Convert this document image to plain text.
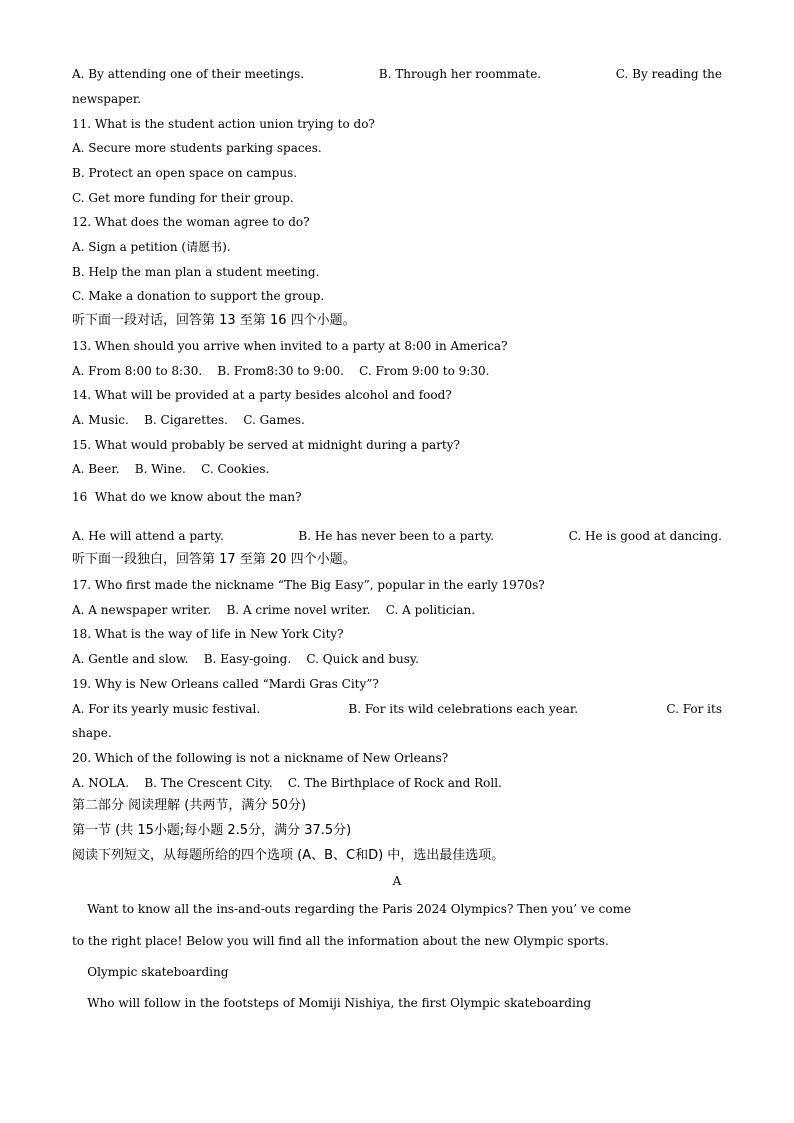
A. By attending one of their meetings.	B. Through her roommate.	C. By reading the
newspaper.
11. What is the student action union trying to do?
A. Secure more students parking spaces.
B. Protect an open space on campus.
C. Get more funding for their group.
12. What does the woman agree to do?
A. Sign a petition (请愿书).
B. Help the man plan a student meeting.
C. Make a donation to support the group.
听下面一段对话，回答第 13 至第 16 四个小题。
13. When should you arrive when invited to a party at 8:00 in America?
A. From 8:00 to 8:30.    B. From8:30 to 9:00.    C. From 9:00 to 9:30.
14. What will be provided at a party besides alcohol and food?
A. Music.    B. Cigarettes.    C. Games.
15. What would probably be served at midnight during a party?
A. Beer.    B. Wine.    C. Cookies.
16  What do we know about the man?
A. He will attend a party.	B. He has never been to a party.	C. He is good at dancing.
听下面一段独白，回答第 17 至第 20 四个小题。
17. Who first made the nickname “The Big Easy”, popular in the early 1970s?
A. A newspaper writer.    B. A crime novel writer.    C. A politician.
18. What is the way of life in New York City?
A. Gentle and slow.    B. Easy-going.    C. Quick and busy.
19. Why is New Orleans called “Mardi Gras City”?
A. For its yearly music festival.	B. For its wild celebrations each year.	C. For its
shape.
20. Which of the following is not a nickname of New Orleans?
A. NOLA.    B. The Crescent City.    C. The Birthplace of Rock and Roll.
第二部分 阅读理解 (共两节，满分 50分)
第一节 (共 15小题;每小题 2.5分，满分 37.5分)
阅读下列短文，从每题所给的四个选项 (A、B、C和D) 中，选出最佳选项。
A
Want to know all the ins-and-outs regarding the Paris 2024 Olympics? Then you’ ve come
to the right place! Below you will find all the information about the new Olympic sports.
Olympic skateboarding
Who will follow in the footsteps of Momiji Nishiya, the first Olympic skateboarding
